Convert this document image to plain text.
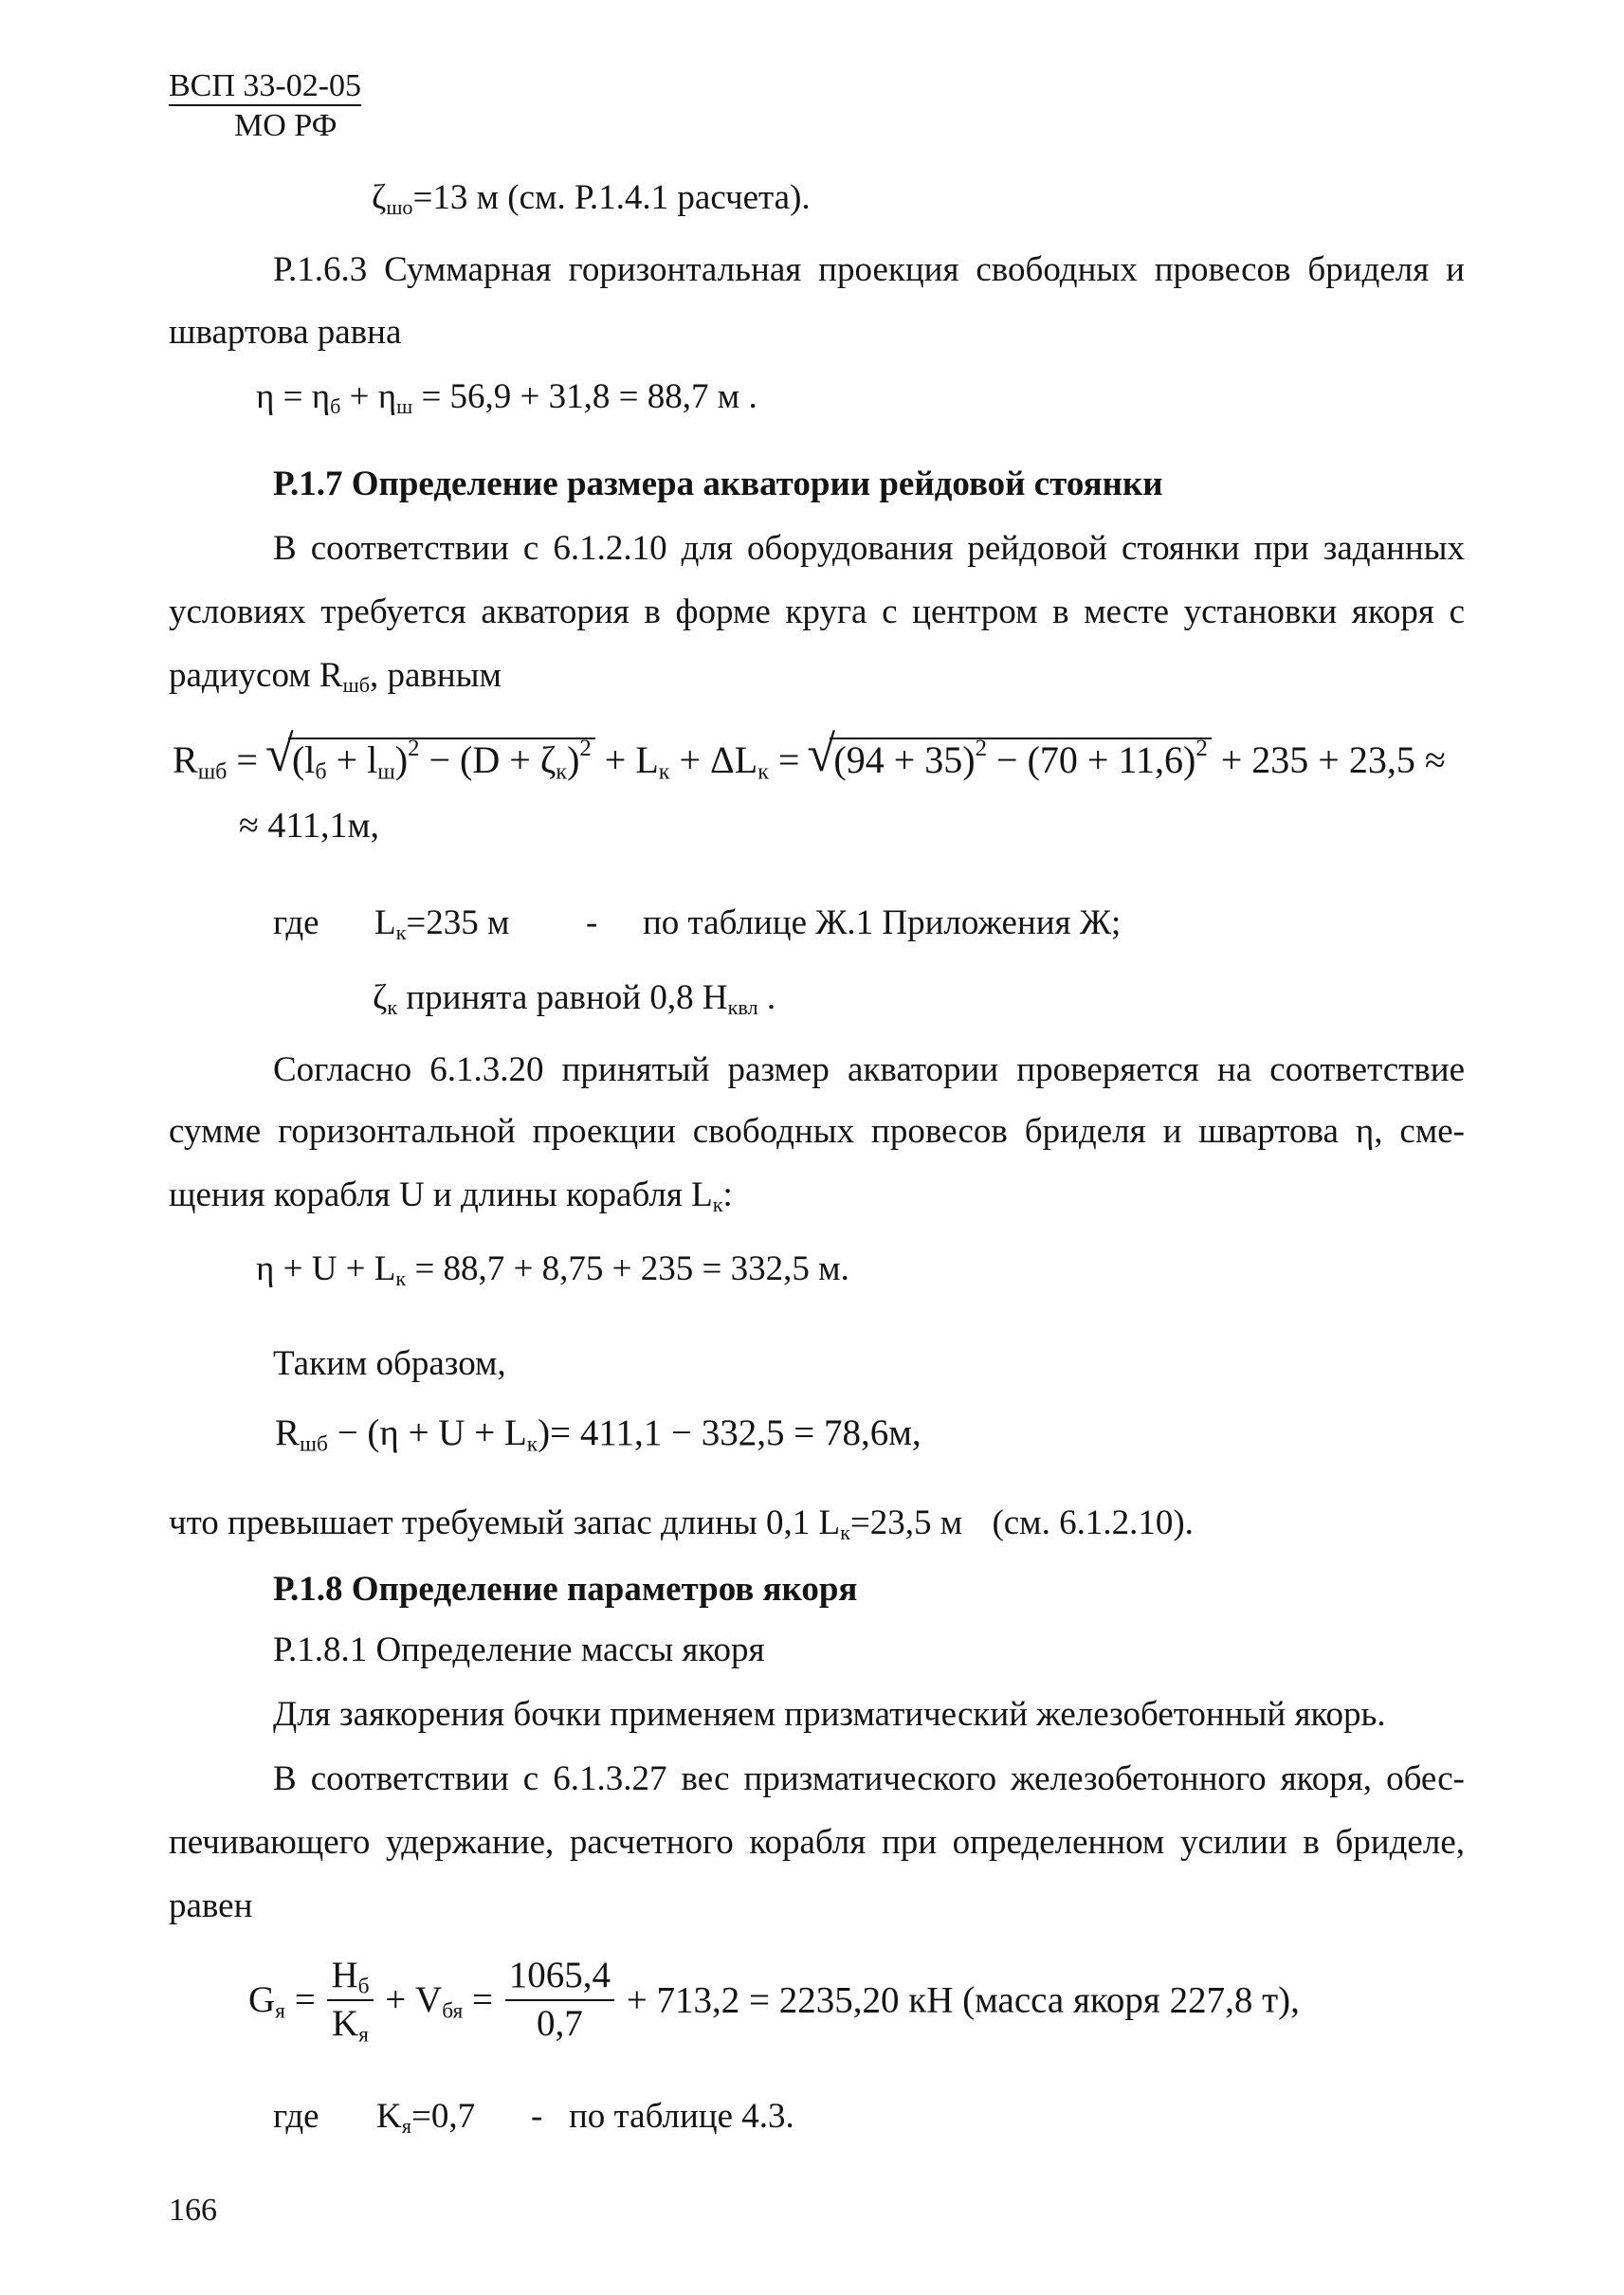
ВСП 33-02-05
МО РФ
ζшо=13 м (см. Р.1.4.1 расчета).
Р.1.6.3 Суммарная горизонтальная проекция свободных провесов бриделя и
швартова равна
η = ηб + ηш = 56,9 + 31,8 = 88,7 м .
Р.1.7 Определение размера акватории рейдовой стоянки
В соответствии с 6.1.2.10 для оборудования рейдовой стоянки при заданных
условиях требуется акватория в форме круга с центром в месте установки якоря с
радиусом Rшб, равным
Rшб = √ $(lб + lш)^2 - (D + \zeta к)^2$ + Lк + ΔLк = √ $(94 + 35)^2 - (70 + 11,6)^2 + 235 + 23,5$ ≈
≈ 411,1м,
где Lк=235 м - по таблице Ж.1 Приложения Ж;
ζк принята равной 0,8 Hквл .
Согласно 6.1.3.20 принятый размер акватории проверяется на соответствие
сумме горизонтальной проекции свободных провесов бриделя и швартова η, сме-
щения корабля U и длины корабля Lк:
η + U + Lк = 88,7 + 8,75 + 235 = 332,5 м.
Таким образом,
Rшб − (η + U + Lк)= 411,1 − 332,5 = 78,6м,
что превышает требуемый запас длины 0,1 Lк=23,5 м (см. 6.1.2.10).
Р.1.8 Определение параметров якоря
Р.1.8.1 Определение массы якоря
Для заякорения бочки применяем призматический железобетонный якорь.
В соответствии с 6.1.3.27 вес призматического железобетонного якоря, обес-
печивающего удержание, расчетного корабля при определенном усилии в бриделе,
равен
Gя = $\frac{Hб}{Kя}$ + Vбя = $\frac{1065,4}{0,7} + 713,2 = 2235,20$ кН (масса якоря 227,8 т),
где Kя=0,7 - по таблице 4.3.
166
